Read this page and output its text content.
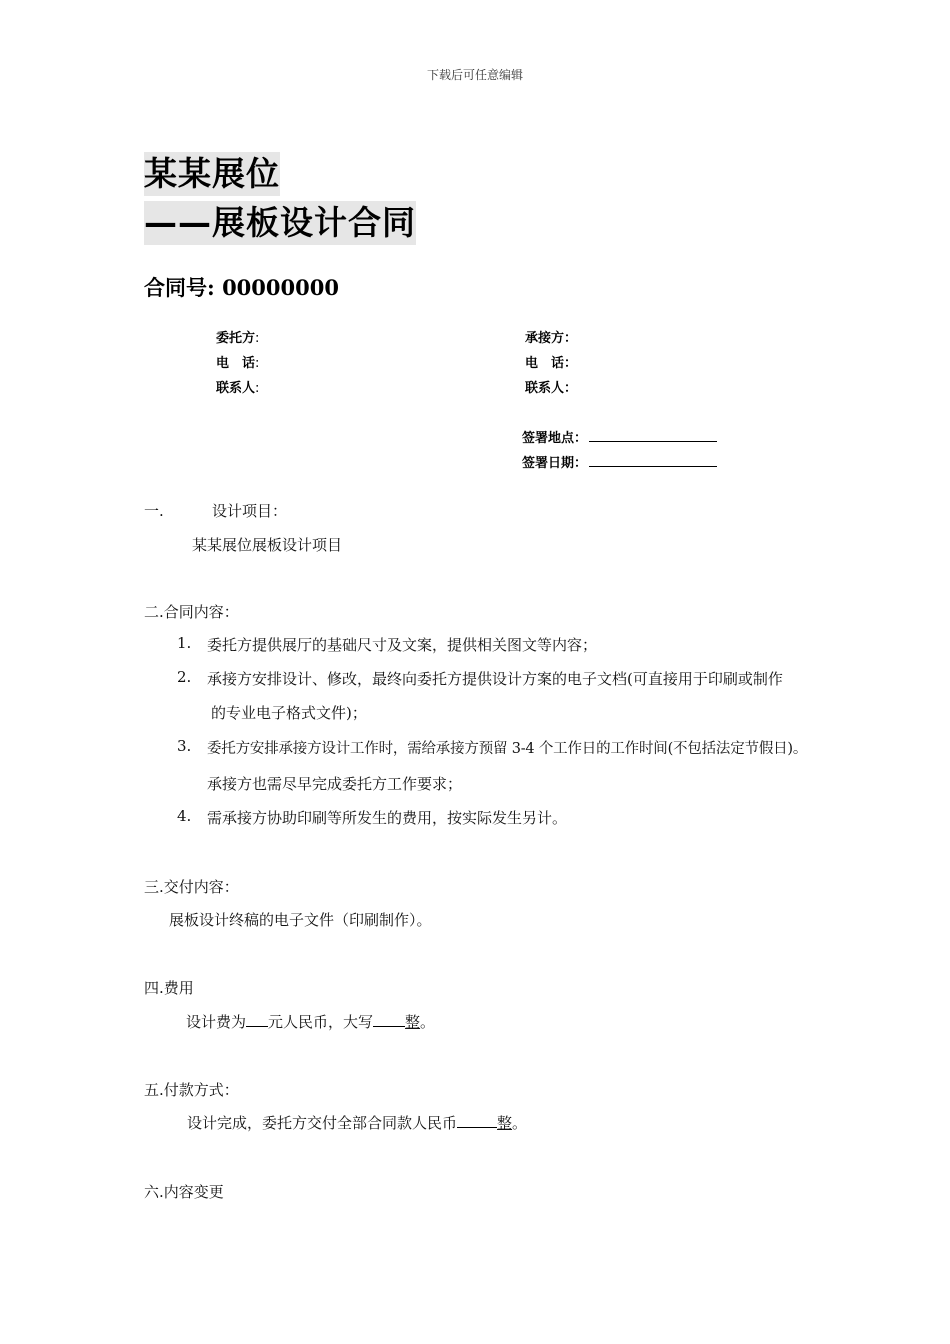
下载后可任意编辑
某某展位
——展板设计合同
合同号: 00000000
委托方:
电　话:
联系人:
承接方：
电　话：
联系人：
签署地点：
签署日期：
一.	设计项目：
某某展位展板设计项目
二.合同内容：
1. 委托方提供展厅的基础尺寸及文案，提供相关图文等内容；
2. 承接方安排设计、修改，最终向委托方提供设计方案的电子文档(可直接用于印刷或制作
的专业电子格式文件)；
3. 委托方安排承接方设计工作时，需给承接方预留 3-4 个工作日的工作时间(不包括法定节假日)。
承接方也需尽早完成委托方工作要求；
4. 需承接方协助印刷等所发生的费用，按实际发生另计。
三.交付内容：
展板设计终稿的电子文件（印刷制作）。
四.费用
设计费为 元人民币，大写 整。
五.付款方式：
设计完成，委托方交付全部合同款人民币	整。
六.内容变更
